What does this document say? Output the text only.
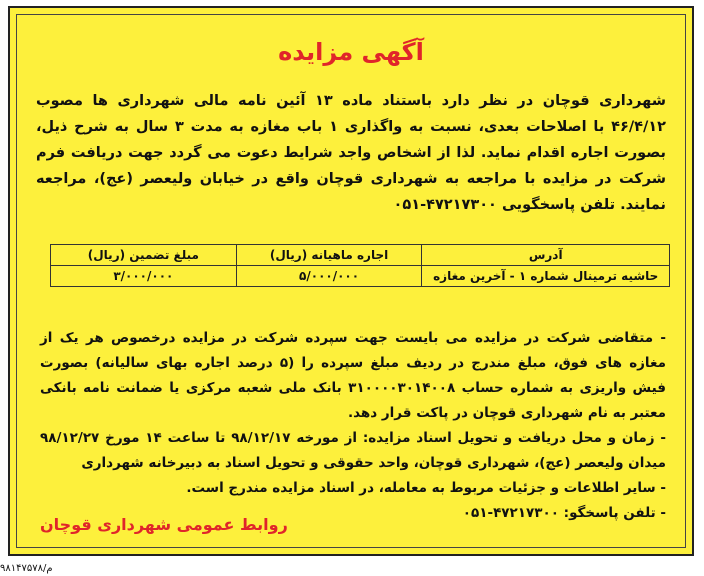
آگهی مزایده
شهرداری قوچان در نظر دارد باستناد ماده ۱۳ آئین نامه مالی شهرداری ها مصوب ۴۶/۴/۱۲ با اصلاحات بعدی، نسبت به واگذاری ۱ باب مغازه به مدت ۳ سال به شرح ذیل، بصورت اجاره اقدام نماید. لذا از اشخاص واجد شرایط دعوت می گردد جهت دریافت فرم شرکت در مزایده با مراجعه به شهرداری قوچان واقع در خیابان ولیعصر (عج)، مراجعه نمایند. تلفن پاسخگویی ۴۷۲۱۷۳۰۰-۰۵۱
آدرس	اجاره ماهیانه (ریال)	مبلغ تضمین (ریال)
حاشیه ترمینال شماره ۱ - آخرین مغازه	۵/۰۰۰/۰۰۰	۳/۰۰۰/۰۰۰

- متقاضی شرکت در مزایده می بایست جهت سپرده شرکت در مزایده درخصوص هر یک از مغازه های فوق، مبلغ مندرج در ردیف مبلغ سپرده را (۵ درصد اجاره بهای سالیانه) بصورت فیش واریزی به شماره حساب ۳۱۰۰۰۰۳۰۱۴۰۰۸ بانک ملی شعبه مرکزی یا ضمانت نامه بانکی معتبر به نام شهرداری قوچان در پاکت قرار دهد.

- زمان و محل دریافت و تحویل اسناد مزایده: از مورخه ۹۸/۱۲/۱۷ تا ساعت ۱۴ مورخ ۹۸/۱۲/۲۷ میدان ولیعصر (عج)، شهرداری قوچان، واحد حقوقی و تحویل اسناد به دبیرخانه شهرداری

- سایر اطلاعات و جزئیات مربوط به معامله، در اسناد مزایده مندرج است.

- تلفن پاسخگو: ۴۷۲۱۷۳۰۰-۰۵۱

روابط عمومی شهرداری قوچان
م/۹۸۱۴۷۵۷۸
